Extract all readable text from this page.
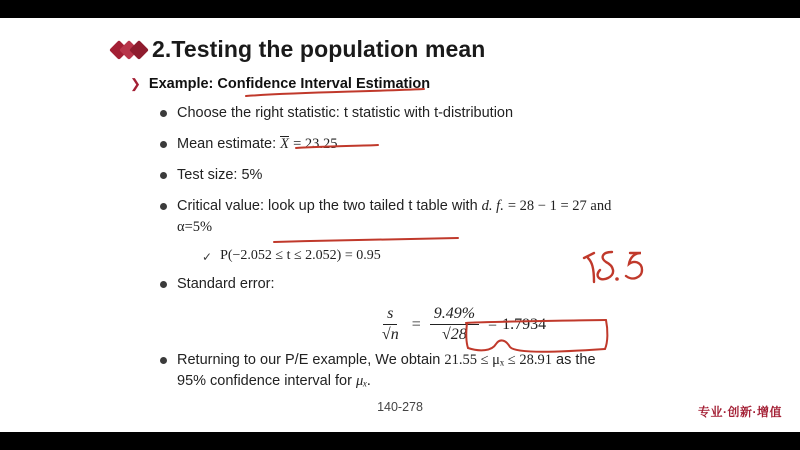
2.Testing the population mean
❯ Example: Confidence Interval Estimation
Choose the right statistic: t statistic with t-distribution
Mean estimate: X = 23.25
Test size: 5%
Critical value: look up the two tailed t table with d. f. = 28 − 1 = 27 and
α=5%
✓ P(−2.052 ≤ t ≤ 2.052) = 0.95
Standard error:
$\frac{s}{√n} = \frac{9.49\%}{√28} = 1.7934$
Returning to our P/E example, We obtain 21.55 ≤ μₓ ≤ 28.91 as the
95% confidence interval for μₓ.
140-278	专业·创新·增值
